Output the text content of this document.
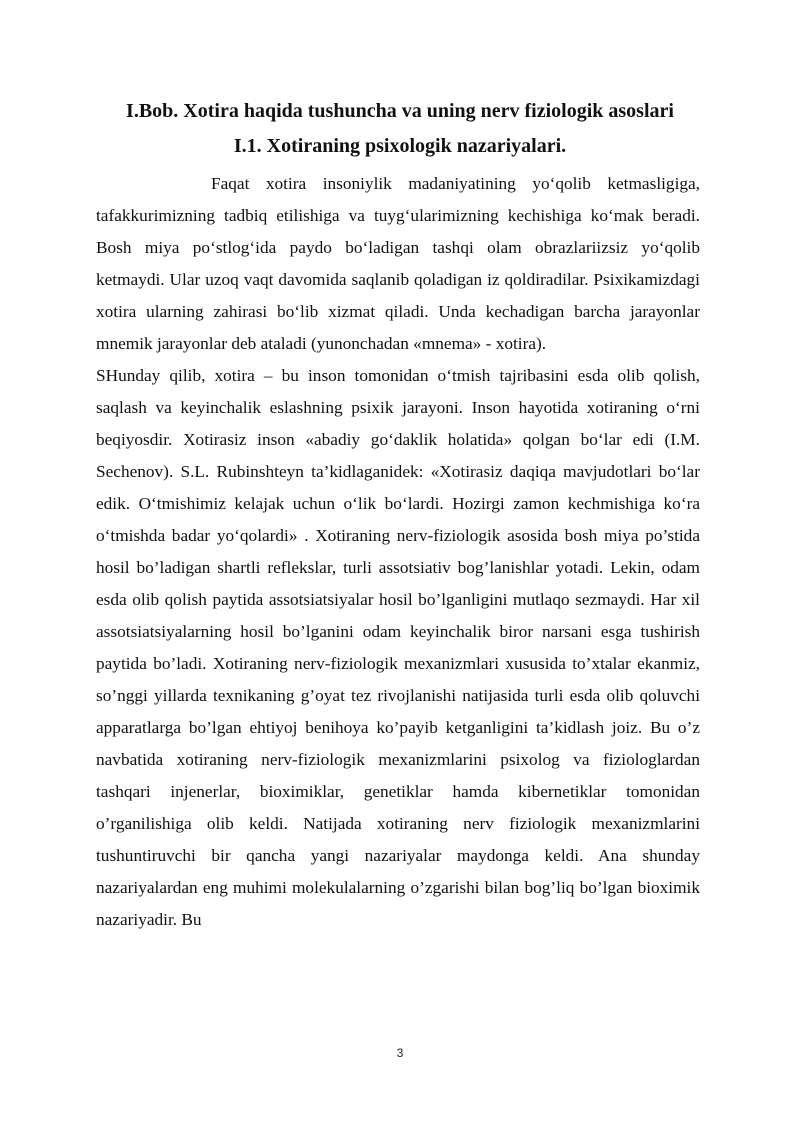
I.Bob. Xotira haqida tushuncha va uning nerv fiziologik asoslari
I.1. Xotiraning psixologik nazariyalari.

Faqat xotira insoniylik madaniyatining yo‘qolib ketmasligiga, tafakkurimizning tadbiq etilishiga va tuyg‘ularimizning kechishiga ko‘mak beradi. Bosh miya po‘stlog‘ida paydo bo‘ladigan tashqi olam obrazlariizsiz yo‘qolib ketmaydi. Ular uzoq vaqt davomida saqlanib qoladigan iz qoldiradilar. Psixikamizdagi xotira ularning zahirasi bo‘lib xizmat qiladi. Unda kechadigan barcha jarayonlar mnemik jarayonlar deb ataladi (yunonchadan «mnema» - xotira).

SHunday qilib, xotira – bu inson tomonidan o‘tmish tajribasini esda olib qolish, saqlash va keyinchalik eslashning psixik jarayoni. Inson hayotida xotiraning o‘rni beqiyosdir. Xotirasiz inson «abadiy go‘daklik holatida» qolgan bo‘lar edi (I.M. Sechenov). S.L. Rubinshteyn ta’kidlaganidek: «Xotirasiz daqiqa mavjudotlari bo‘lar edik. O‘tmishimiz kelajak uchun o‘lik bo‘lardi. Hozirgi zamon kechmishiga ko‘ra o‘tmishda badar yo‘qolardi» . Xotiraning nerv-fiziologik asosida bosh miya po’stida hosil bo’ladigan shartli reflekslar, turli assotsiativ bog’lanishlar yotadi. Lekin, odam esda olib qolish paytida assotsiatsiyalar hosil bo’lganligini mutlaqo sezmaydi. Har xil assotsiatsiyalarning hosil bo’lganini odam keyinchalik biror narsani esga tushirish paytida bo’ladi. Xotiraning nerv-fiziologik mexanizmlari xususida to’xtalar ekanmiz, so’nggi yillarda texnikaning g’oyat tez rivojlanishi natijasida turli esda olib qoluvchi apparatlarga bo’lgan ehtiyoj benihoya ko’payib ketganligini ta’kidlash joiz. Bu o’z navbatida xotiraning nerv-fiziologik mexanizmlarini psixolog va fiziologlardan tashqari injenerlar, bioximiklar, genetiklar hamda kibernetiklar tomonidan o’rganilishiga olib keldi. Natijada xotiraning nerv fiziologik mexanizmlarini tushuntiruvchi bir qancha yangi nazariyalar maydonga keldi. Ana shunday nazariyalardan eng muhimi molekulalarning o’zgarishi bilan bog’liq bo’lgan bioximik nazariyadir. Bu

3
